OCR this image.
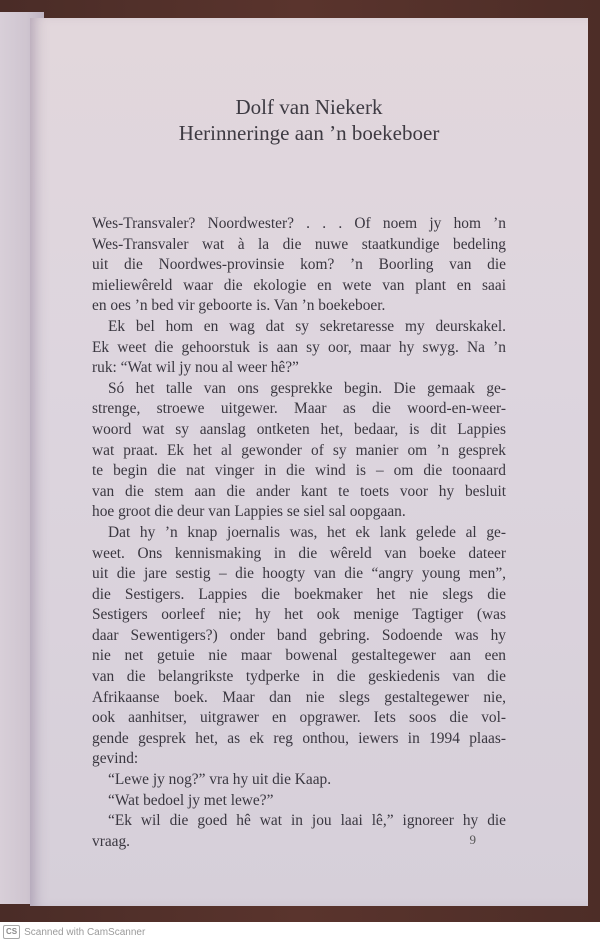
Dolf van Niekerk
Herinneringe aan ’n boekeboer

Wes-Transvaler? Noordwester? . . . Of noem jy hom ’n
Wes-Transvaler wat à la die nuwe staatkundige bedeling
uit die Noordwes-provinsie kom? ’n Boorling van die
mieliewêreld waar die ekologie en wete van plant en saai
en oes ’n bed vir geboorte is. Van ’n boekeboer.

Ek bel hom en wag dat sy sekretaresse my deurskakel.
Ek weet die gehoorstuk is aan sy oor, maar hy swyg. Na ’n
ruk: “Wat wil jy nou al weer hê?”

Só het talle van ons gesprekke begin. Die gemaak ge-
strenge, stroewe uitgewer. Maar as die woord-en-weer-
woord wat sy aanslag ontketen het, bedaar, is dit Lappies
wat praat. Ek het al gewonder of sy manier om ’n gesprek
te begin die nat vinger in die wind is – om die toonaard
van die stem aan die ander kant te toets voor hy besluit
hoe groot die deur van Lappies se siel sal oopgaan.

Dat hy ’n knap joernalis was, het ek lank gelede al ge-
weet. Ons kennismaking in die wêreld van boeke dateer
uit die jare sestig – die hoogty van die “angry young men”,
die Sestigers. Lappies die boekmaker het nie slegs die
Sestigers oorleef nie; hy het ook menige Tagtiger (was
daar Sewentigers?) onder band gebring. Sodoende was hy
nie net getuie nie maar bowenal gestaltegewer aan een
van die belangrikste tydperke in die geskiedenis van die
Afrikaanse boek. Maar dan nie slegs gestaltegewer nie,
ook aanhitser, uitgrawer en opgrawer. Iets soos die vol-
gende gesprek het, as ek reg onthou, iewers in 1994 plaas-
gevind:

“Lewe jy nog?” vra hy uit die Kaap.

“Wat bedoel jy met lewe?”

“Ek wil die goed hê wat in jou laai lê,” ignoreer hy die
vraag.	9
CS Scanned with CamScanner
